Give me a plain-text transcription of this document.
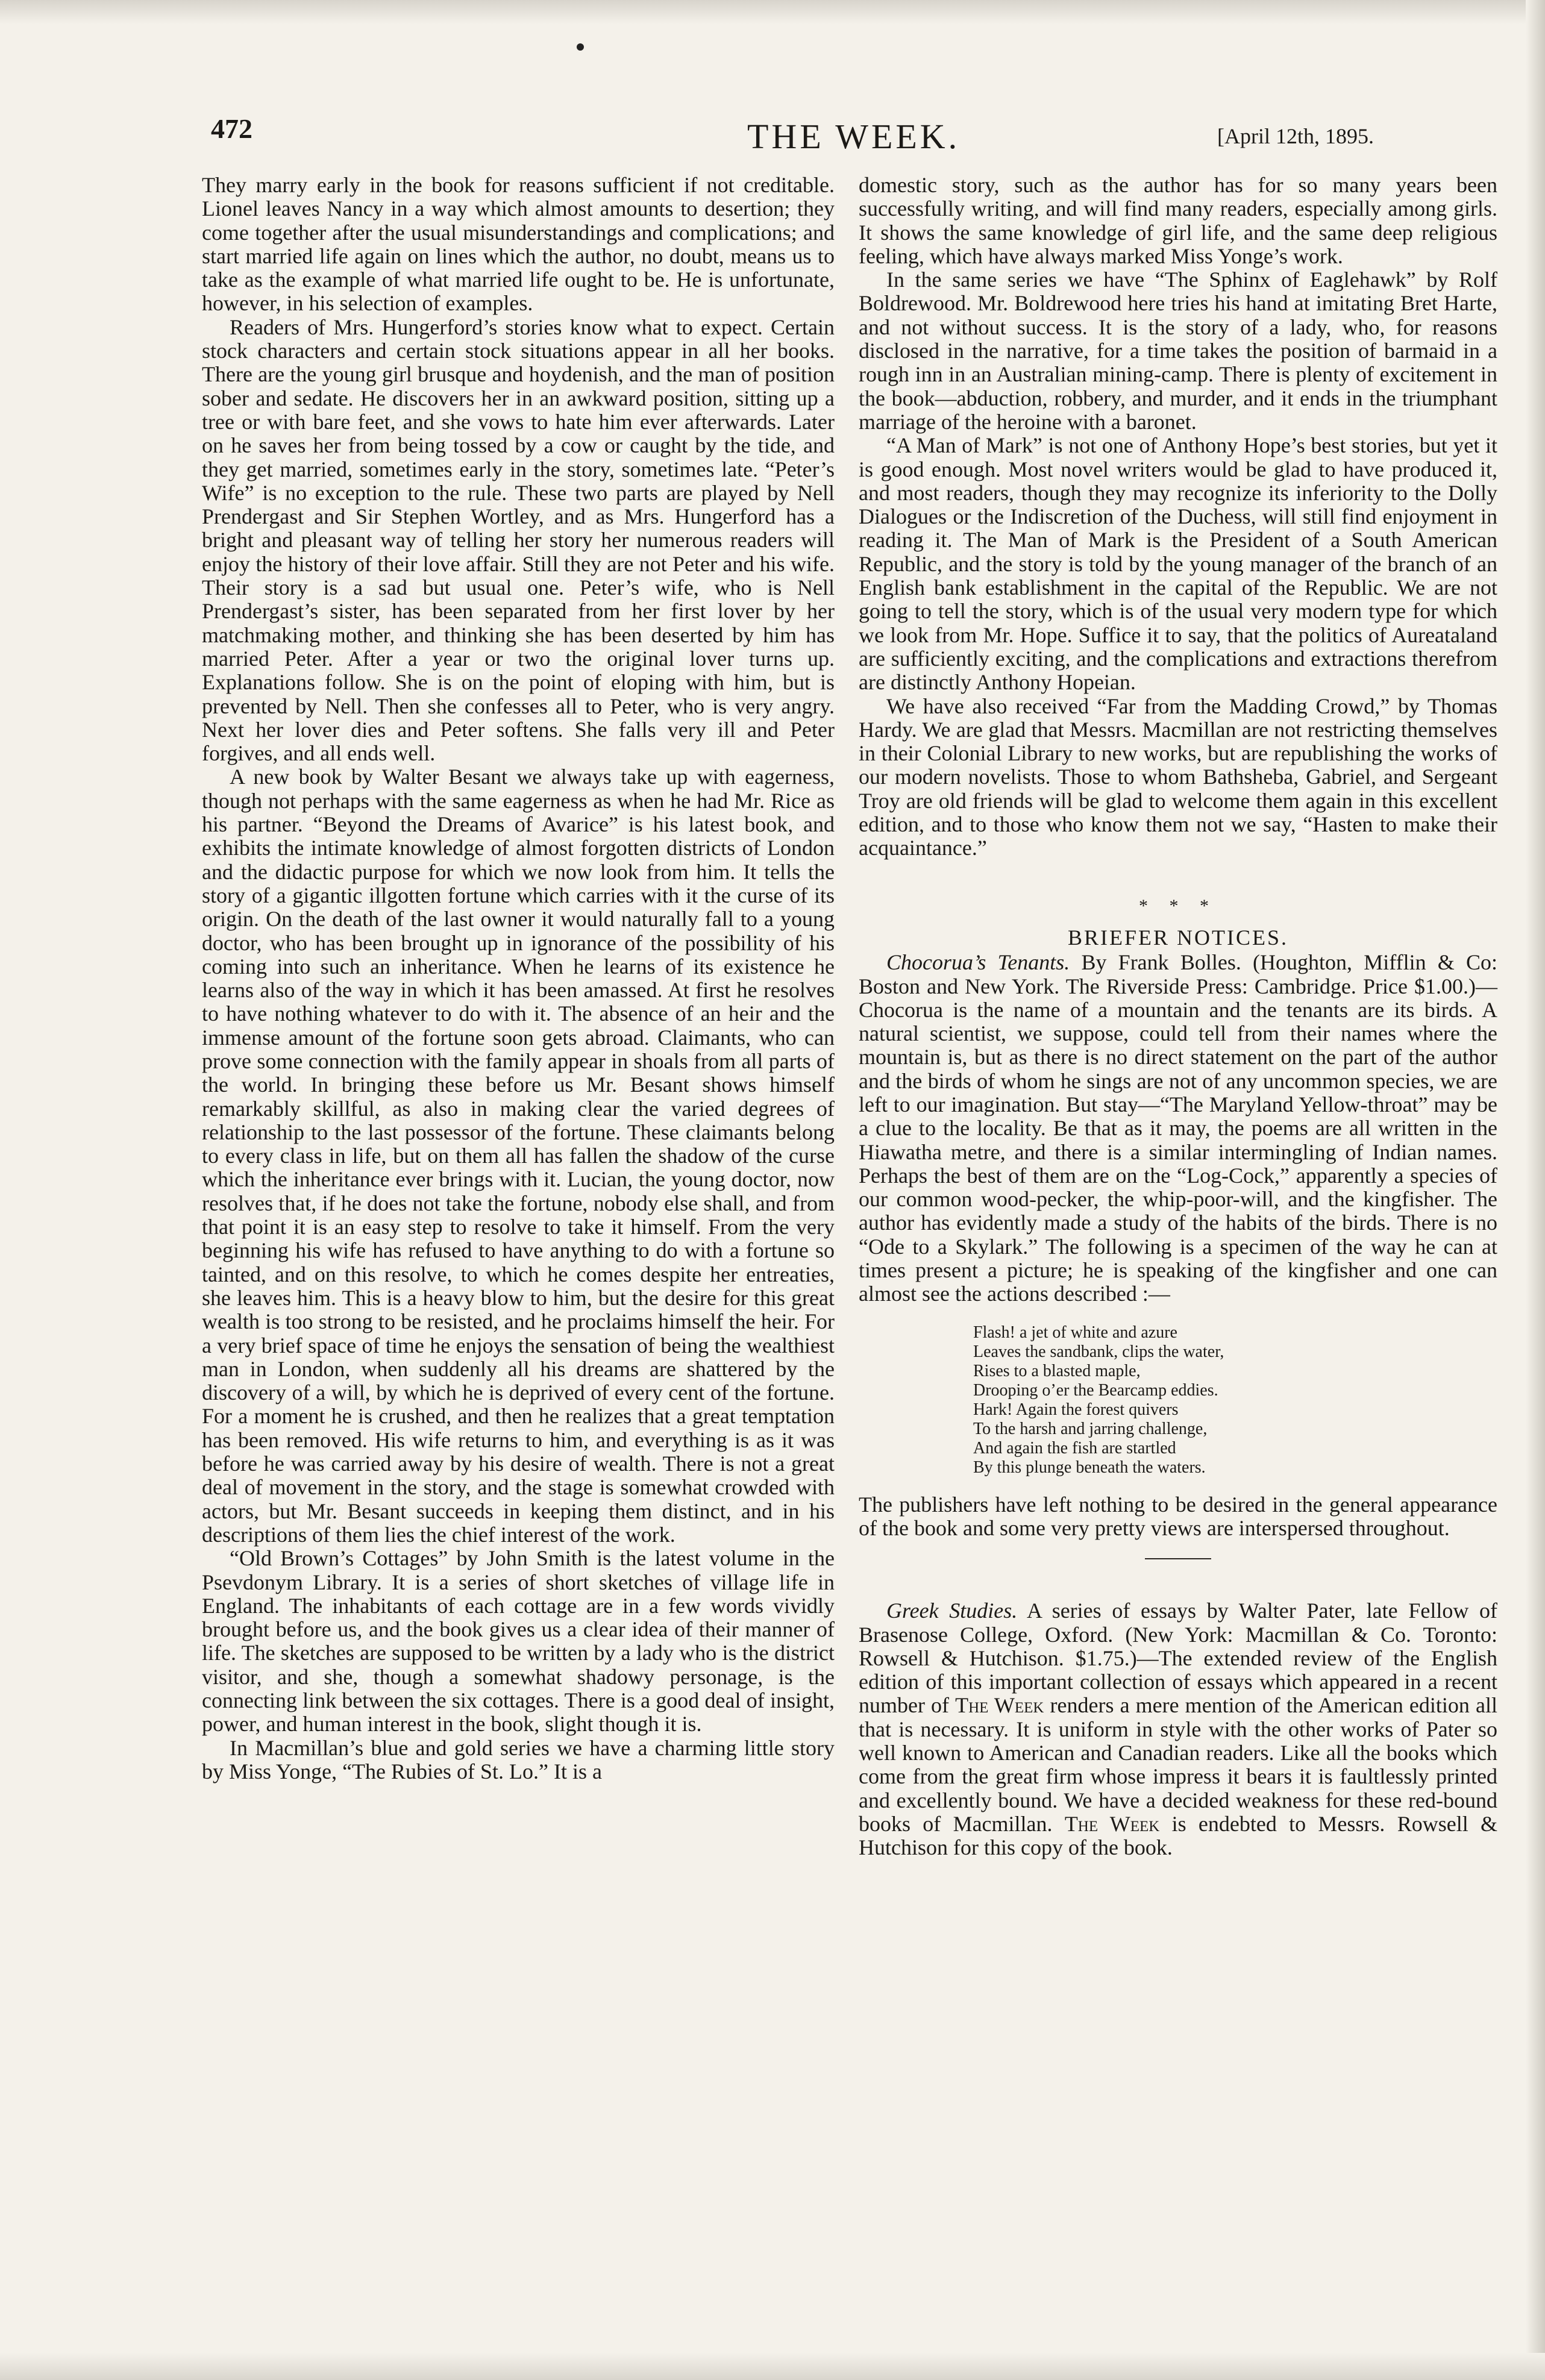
472	THE WEEK.	[April 12th, 1895.

They marry early in the book for reasons sufficient if not creditable. Lionel leaves Nancy in a way which almost amounts to desertion; they come together after the usual misunderstandings and complications; and start married life again on lines which the author, no doubt, means us to take as the example of what married life ought to be. He is unfortunate, however, in his selection of examples.

Readers of Mrs. Hungerford’s stories know what to expect. Certain stock characters and certain stock situations appear in all her books. There are the young girl brusque and hoydenish, and the man of position sober and sedate. He discovers her in an awkward position, sitting up a tree or with bare feet, and she vows to hate him ever afterwards. Later on he saves her from being tossed by a cow or caught by the tide, and they get married, sometimes early in the story, sometimes late. “Peter’s Wife” is no exception to the rule. These two parts are played by Nell Prendergast and Sir Stephen Wortley, and as Mrs. Hungerford has a bright and pleasant way of telling her story her numerous readers will enjoy the history of their love affair. Still they are not Peter and his wife. Their story is a sad but usual one. Peter’s wife, who is Nell Prendergast’s sister, has been separated from her first lover by her matchmaking mother, and thinking she has been deserted by him has married Peter. After a year or two the original lover turns up. Explanations follow. She is on the point of eloping with him, but is prevented by Nell. Then she confesses all to Peter, who is very angry. Next her lover dies and Peter softens. She falls very ill and Peter forgives, and all ends well.

A new book by Walter Besant we always take up with eagerness, though not perhaps with the same eagerness as when he had Mr. Rice as his partner. “Beyond the Dreams of Avarice” is his latest book, and exhibits the intimate knowledge of almost forgotten districts of London and the didactic purpose for which we now look from him. It tells the story of a gigantic illgotten fortune which carries with it the curse of its origin. On the death of the last owner it would naturally fall to a young doctor, who has been brought up in ignorance of the possibility of his coming into such an inheritance. When he learns of its existence he learns also of the way in which it has been amassed. At first he resolves to have nothing whatever to do with it. The absence of an heir and the immense amount of the fortune soon gets abroad. Claimants, who can prove some connection with the family appear in shoals from all parts of the world. In bringing these before us Mr. Besant shows himself remarkably skillful, as also in making clear the varied degrees of relationship to the last possessor of the fortune. These claimants belong to every class in life, but on them all has fallen the shadow of the curse which the inheritance ever brings with it. Lucian, the young doctor, now resolves that, if he does not take the fortune, nobody else shall, and from that point it is an easy step to resolve to take it himself. From the very beginning his wife has refused to have anything to do with a fortune so tainted, and on this resolve, to which he comes despite her entreaties, she leaves him. This is a heavy blow to him, but the desire for this great wealth is too strong to be resisted, and he proclaims himself the heir. For a very brief space of time he enjoys the sensation of being the wealthiest man in London, when suddenly all his dreams are shattered by the discovery of a will, by which he is deprived of every cent of the fortune. For a moment he is crushed, and then he realizes that a great temptation has been removed. His wife returns to him, and everything is as it was before he was carried away by his desire of wealth. There is not a great deal of movement in the story, and the stage is somewhat crowded with actors, but Mr. Besant succeeds in keeping them distinct, and in his descriptions of them lies the chief interest of the work.

“Old Brown’s Cottages” by John Smith is the latest volume in the Psevdonym Library. It is a series of short sketches of village life in England. The inhabitants of each cottage are in a few words vividly brought before us, and the book gives us a clear idea of their manner of life. The sketches are supposed to be written by a lady who is the district visitor, and she, though a somewhat shadowy personage, is the connecting link between the six cottages. There is a good deal of insight, power, and human interest in the book, slight though it is.

In Macmillan’s blue and gold series we have a charming little story by Miss Yonge, “The Rubies of St. Lo.” It is a

domestic story, such as the author has for so many years been successfully writing, and will find many readers, especially among girls. It shows the same knowledge of girl life, and the same deep religious feeling, which have always marked Miss Yonge’s work.

In the same series we have “The Sphinx of Eaglehawk” by Rolf Boldrewood. Mr. Boldrewood here tries his hand at imitating Bret Harte, and not without success. It is the story of a lady, who, for reasons disclosed in the narrative, for a time takes the position of barmaid in a rough inn in an Australian mining-camp. There is plenty of excitement in the book—abduction, robbery, and murder, and it ends in the triumphant marriage of the heroine with a baronet.

“A Man of Mark” is not one of Anthony Hope’s best stories, but yet it is good enough. Most novel writers would be glad to have produced it, and most readers, though they may recognize its inferiority to the Dolly Dialogues or the Indiscretion of the Duchess, will still find enjoyment in reading it. The Man of Mark is the President of a South American Republic, and the story is told by the young manager of the branch of an English bank establishment in the capital of the Republic. We are not going to tell the story, which is of the usual very modern type for which we look from Mr. Hope. Suffice it to say, that the politics of Aureataland are sufficiently exciting, and the complications and extractions therefrom are distinctly Anthony Hopeian.

We have also received “Far from the Madding Crowd,” by Thomas Hardy. We are glad that Messrs. Macmillan are not restricting themselves in their Colonial Library to new works, but are republishing the works of our modern novelists. Those to whom Bathsheba, Gabriel, and Sergeant Troy are old friends will be glad to welcome them again in this excellent edition, and to those who know them not we say, “Hasten to make their acquaintance.”

* * *
BRIEFER NOTICES.

Chocorua’s Tenants. By Frank Bolles. (Houghton, Mifflin & Co: Boston and New York. The Riverside Press: Cambridge. Price $1.00.)—Chocorua is the name of a mountain and the tenants are its birds. A natural scientist, we suppose, could tell from their names where the mountain is, but as there is no direct statement on the part of the author and the birds of whom he sings are not of any uncommon species, we are left to our imagination. But stay—“The Maryland Yellow-throat” may be a clue to the locality. Be that as it may, the poems are all written in the Hiawatha metre, and there is a similar intermingling of Indian names. Perhaps the best of them are on the “Log-Cock,” apparently a species of our common wood-pecker, the whip-poor-will, and the kingfisher. The author has evidently made a study of the habits of the birds. There is no “Ode to a Skylark.” The following is a specimen of the way he can at times present a picture; he is speaking of the kingfisher and one can almost see the actions described :—

Flash! a jet of white and azure
Leaves the sandbank, clips the water,
Rises to a blasted maple,
Drooping o’er the Bearcamp eddies.
Hark! Again the forest quivers
To the harsh and jarring challenge,
And again the fish are startled
By this plunge beneath the waters.

The publishers have left nothing to be desired in the general appearance of the book and some very pretty views are interspersed throughout.

Greek Studies. A series of essays by Walter Pater, late Fellow of Brasenose College, Oxford. (New York: Macmillan & Co. Toronto: Rowsell & Hutchison. $1.75.)—The extended review of the English edition of this important collection of essays which appeared in a recent number of The Week renders a mere mention of the American edition all that is necessary. It is uniform in style with the other works of Pater so well known to American and Canadian readers. Like all the books which come from the great firm whose impress it bears it is faultlessly printed and excellently bound. We have a decided weakness for these red-bound books of Macmillan. The Week is endebted to Messrs. Rowsell & Hutchison for this copy of the book.
